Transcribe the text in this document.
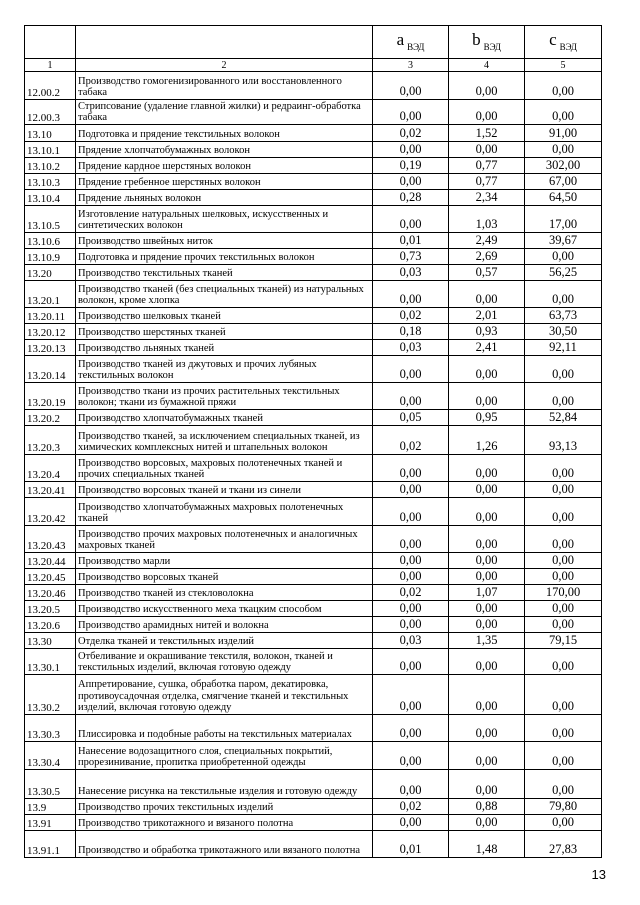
		a $_{ВЭД}$	b $_{ВЭД}$	c $_{ВЭД}$
1	2	3	4	5
12.00.2	Производство гомогенизированного или восстановленного табака	0,00	0,00	0,00
12.00.3	Стрипсование (удаление главной жилки) и редраинг-обработка табака	0,00	0,00	0,00
13.10	Подготовка и прядение текстильных волокон	0,02	1,52	91,00
13.10.1	Прядение хлопчатобумажных волокон	0,00	0,00	0,00
13.10.2	Прядение кардное шерстяных волокон	0,19	0,77	302,00
13.10.3	Прядение гребенное шерстяных волокон	0,00	0,77	67,00
13.10.4	Прядение льняных волокон	0,28	2,34	64,50
13.10.5	Изготовление натуральных шелковых, искусственных и синтетических волокон	0,00	1,03	17,00
13.10.6	Производство швейных ниток	0,01	2,49	39,67
13.10.9	Подготовка и прядение прочих текстильных волокон	0,73	2,69	0,00
13.20	Производство текстильных тканей	0,03	0,57	56,25
13.20.1	Производство тканей (без специальных тканей) из натуральных волокон, кроме хлопка	0,00	0,00	0,00
13.20.11	Производство шелковых тканей	0,02	2,01	63,73
13.20.12	Производство шерстяных тканей	0,18	0,93	30,50
13.20.13	Производство льняных тканей	0,03	2,41	92,11
13.20.14	Производство тканей из джутовых и прочих лубяных текстильных волокон	0,00	0,00	0,00
13.20.19	Производство ткани из прочих растительных текстильных волокон; ткани из бумажной пряжи	0,00	0,00	0,00
13.20.2	Производство хлопчатобумажных тканей	0,05	0,95	52,84
13.20.3	Производство тканей, за исключением специальных тканей, из химических комплексных нитей и штапельных волокон	0,02	1,26	93,13
13.20.4	Производство ворсовых, махровых полотенечных тканей и прочих специальных тканей	0,00	0,00	0,00
13.20.41	Производство ворсовых тканей и ткани из синели	0,00	0,00	0,00
13.20.42	Производство хлопчатобумажных махровых полотенечных тканей	0,00	0,00	0,00
13.20.43	Производство прочих махровых полотенечных и аналогичных махровых тканей	0,00	0,00	0,00
13.20.44	Производство марли	0,00	0,00	0,00
13.20.45	Производство ворсовых тканей	0,00	0,00	0,00
13.20.46	Производство тканей из стекловолокна	0,02	1,07	170,00
13.20.5	Производство искусственного меха ткацким способом	0,00	0,00	0,00
13.20.6	Производство арамидных нитей и волокна	0,00	0,00	0,00
13.30	Отделка тканей и текстильных изделий	0,03	1,35	79,15
13.30.1	Отбеливание и окрашивание текстиля, волокон, тканей и текстильных изделий, включая готовую одежду	0,00	0,00	0,00
13.30.2	Аппретирование, сушка, обработка паром, декатировка, противоусадочная отделка, смягчение тканей и текстильных изделий, включая готовую одежду	0,00	0,00	0,00
13.30.3	Плиссировка и подобные работы на текстильных материалах	0,00	0,00	0,00
13.30.4	Нанесение водозащитного слоя, специальных покрытий, прорезинивание, пропитка приобретенной одежды	0,00	0,00	0,00
13.30.5	Нанесение рисунка на текстильные изделия и готовую одежду	0,00	0,00	0,00
13.9	Производство прочих текстильных изделий	0,02	0,88	79,80
13.91	Производство трикотажного и вязаного полотна	0,00	0,00	0,00
13.91.1	Производство и обработка трикотажного или вязаного полотна	0,01	1,48	27,83
13
